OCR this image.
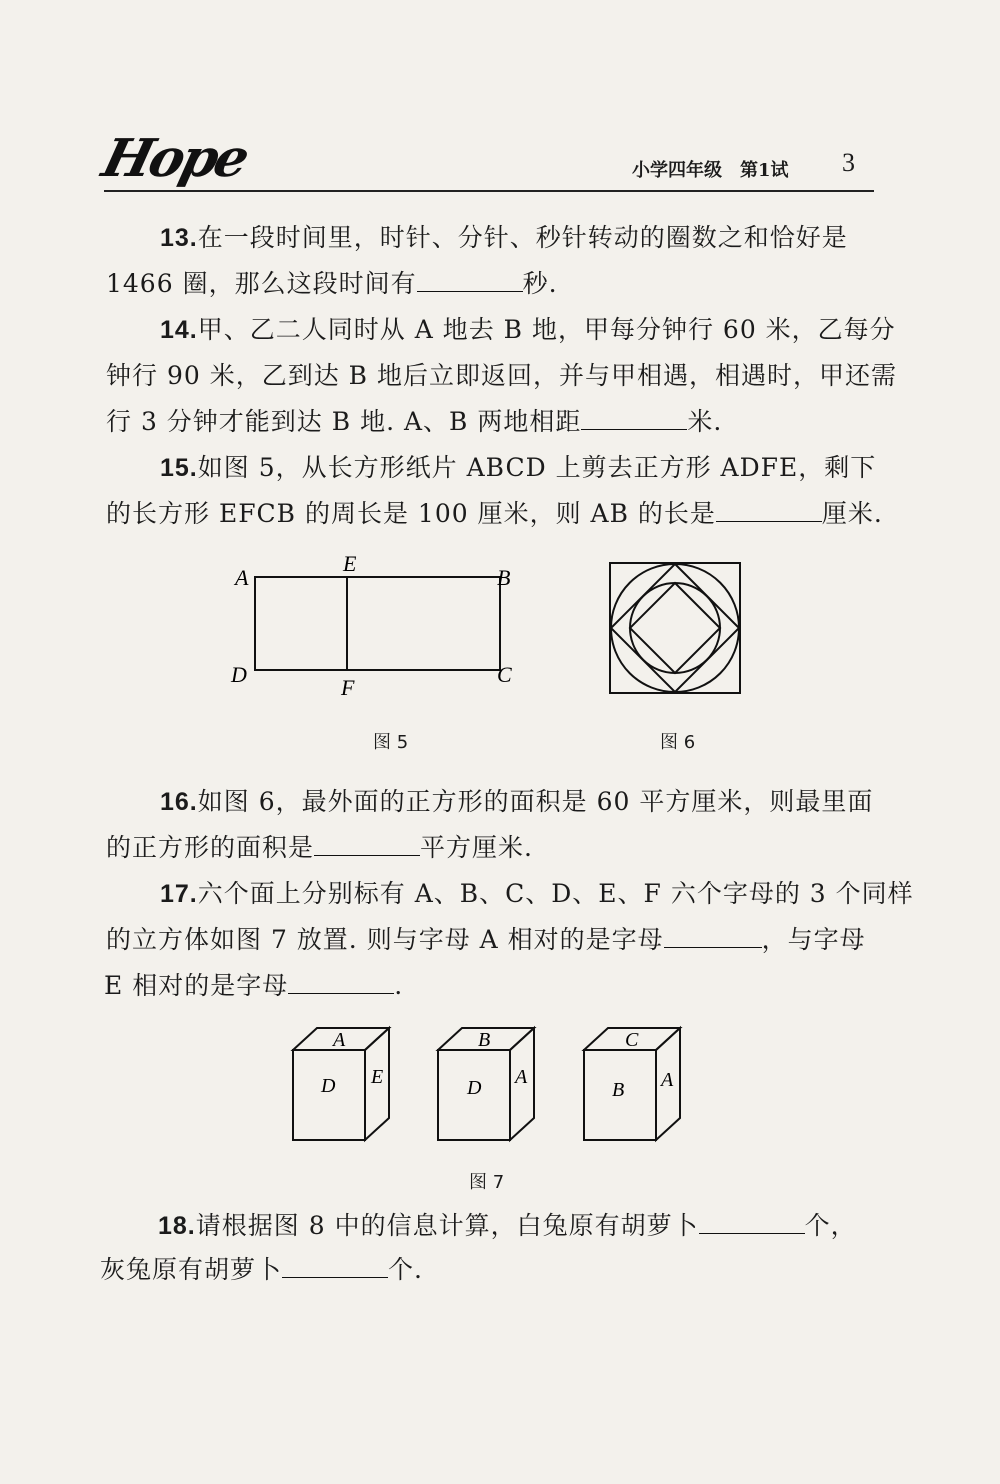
Hope	小学四年级　第1试 3
13.在一段时间里，时针、分针、秒针转动的圈数之和恰好是
1466 圈，那么这段时间有	秒.
14.甲、乙二人同时从 A 地去 B 地，甲每分钟行 60 米，乙每分
钟行 90 米，乙到达 B 地后立即返回，并与甲相遇，相遇时，甲还需
行 3 分钟才能到达 B 地. A、B 两地相距	米.
15.如图 5，从长方形纸片 ABCD 上剪去正方形 ADFE，剩下
的长方形 EFCB 的周长是 100 厘米，则 AB 的长是	厘米.
A
E
B
D
F
C
图 5	图 6
16.如图 6，最外面的正方形的面积是 60 平方厘米，则最里面
的正方形的面积是	平方厘米.
17.六个面上分别标有 A、B、C、D、E、F 六个字母的 3 个同样
的立方体如图 7 放置. 则与字母 A 相对的是字母	，与字母
E 相对的是字母	.
A
D E
B
D A
C
B A
图 7
18.请根据图 8 中的信息计算，白兔原有胡萝卜	个，
灰兔原有胡萝卜	个.
